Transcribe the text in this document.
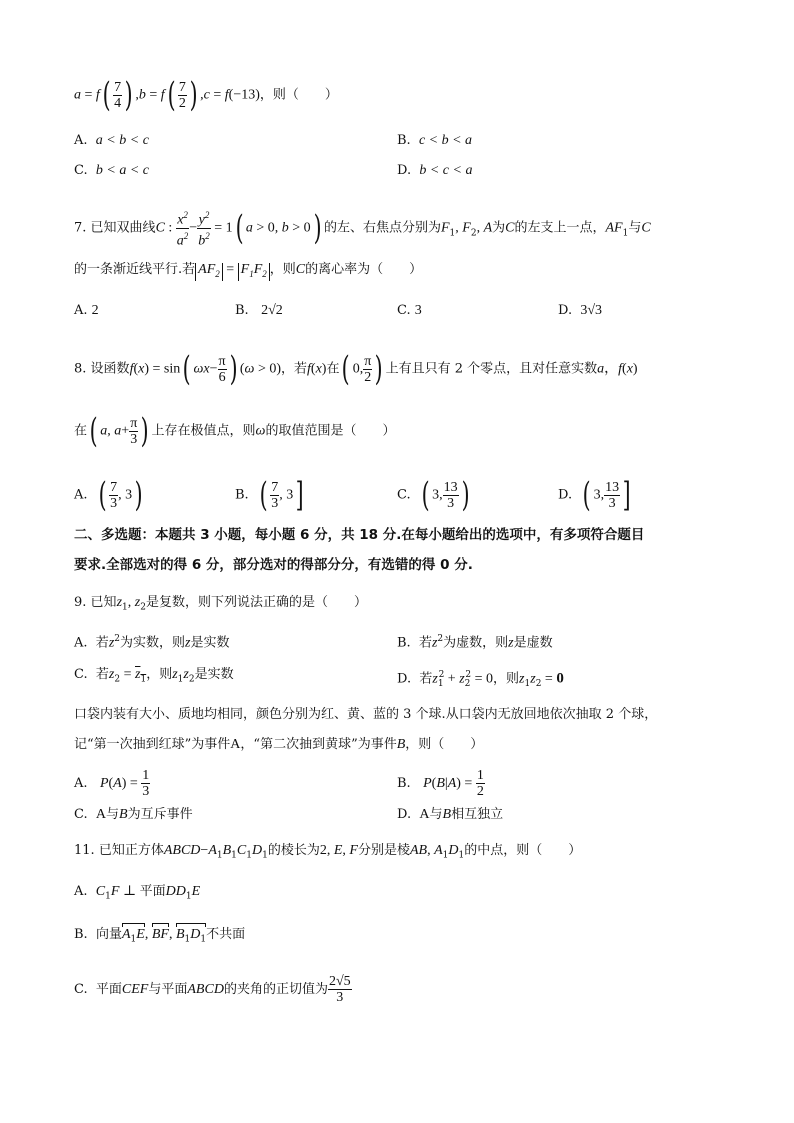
$a = f( \frac{7}{4}$ ) $,b = f( \frac{7}{2}$ ) ,c = f(−13)，则（　　）
A. a < b < c	B. c < b < a
C. b < a < c	D. b < c < a
7. 已知双曲线C : $\frac{x^2}{a^2} - \frac{y^2}{b^2} = 1$( a > 0, b > 0) 的左、右焦点分别为$F_1$, $F_2$, A为C的左支上一点，$AF_1$与C
的一条渐近线平行.若 $AF_2 = F_1F_2$ ，则C的离心率为（　　）
A. 2	B. 2√2	C. 3	D. 3√3
8. 设函数f(x) = sin( $\omega x- \frac{\pi}{6}$ ) (ω > 0)，若f(x)在( 0, $\frac{\pi}{2}$ ) 上有且只有 2 个零点，且对任意实数a，f(x)
在( a, $a+ \frac{\pi}{3}$ ) 上存在极值点，则ω的取值范围是（　　）
A. ( $\frac{7}{3}$ , 3)	B. ( $\frac{7}{3}$ , 3]	C. ( 3, $\frac{13}{3}$ )	D. ( 3, $\frac{13}{3}$ ]
二、多选题：本题共 3 小题，每小题 6 分，共 18 分.在每小题给出的选项中，有多项符合题目
要求.全部选对的得 6 分，部分选对的得部分分，有选错的得 0 分.
9. 已知$z_1$, $z_2$是复数，则下列说法正确的是（　　）
A. 若$z^2$为实数，则z是实数	B. 若$z^2$为虚数，则z是虚数
C. 若$z_2 = \overline{z}_1$，则$z_1z_2$是实数	D. 若$z_1^2 + z_2^2 = 0$，则$z_1z_2 = 0$
口袋内装有大小、质地均相同，颜色分别为红、黄、蓝的 3 个球.从口袋内无放回地依次抽取 2 个球，
记“第一次抽到红球”为事件A，“第二次抽到黄球”为事件B，则（　　）
A. $P(A) = \frac{1}{3}$	B. $P(B|A) = \frac{1}{2}$
C. A与B为互斥事件	D. A与B相互独立
11. 已知正方体$ABCD-A_1B_1C_1D_1$的棱长为2, E, F分别是棱AB, $A_1D_1$的中点，则（　　）
A. $C_1F$ ⊥ 平面$DD_1E$
B. 向量$A_1E$, BF, $B_1D_1$不共面
C. 平面CEF与平面ABCD的夹角的正切值为 $\frac{2√5}{3}$
